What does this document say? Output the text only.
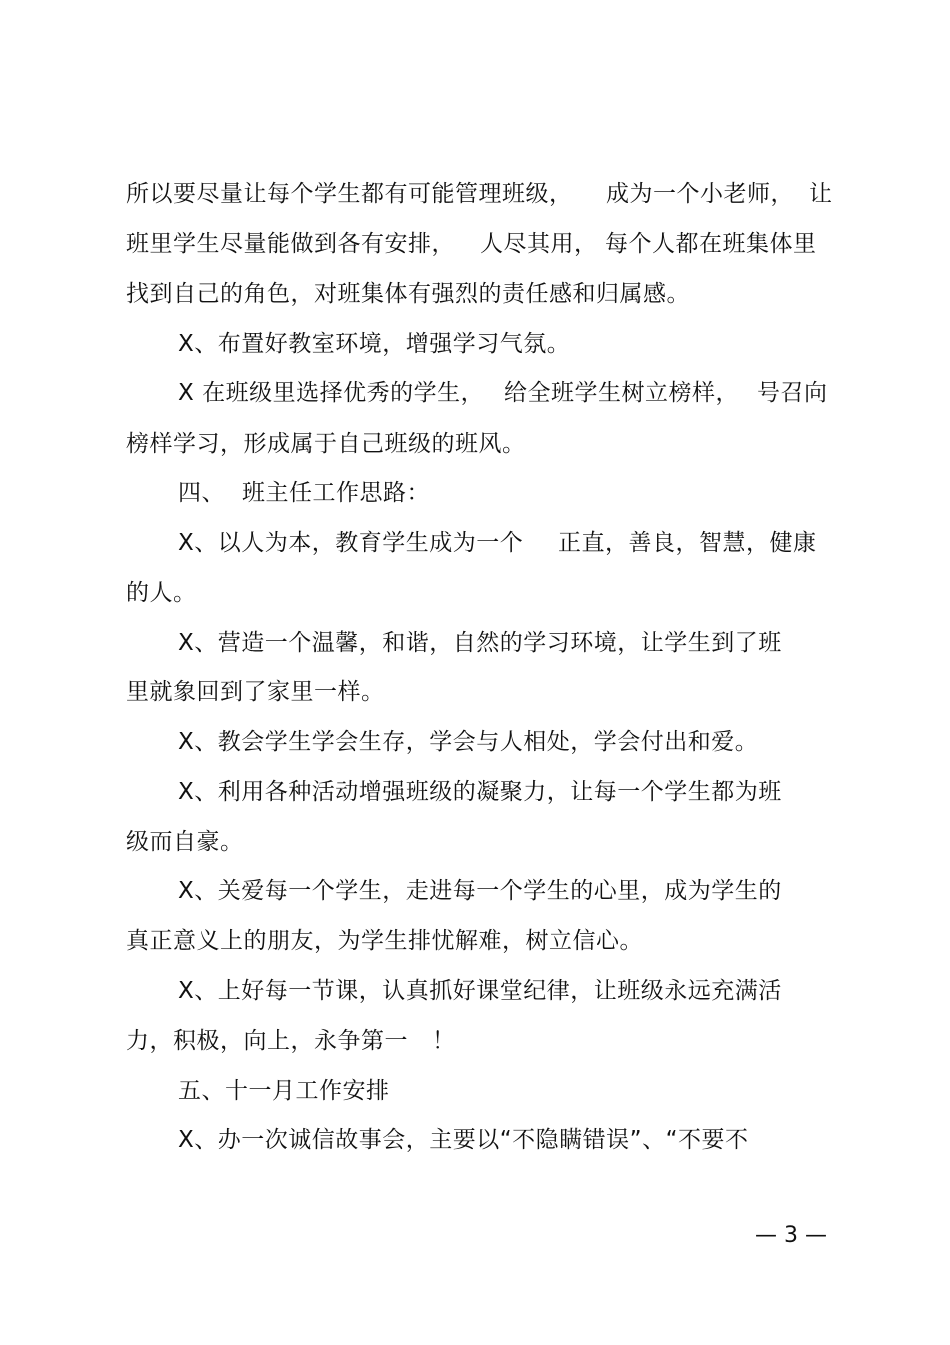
所以要尽量让每个学生都有可能管理班级，

成为一个小老师，

让

班里学生尽量能做到各有安排，

人尽其用，

每个人都在班集体里

找到自己的角色，对班集体有强烈的责任感和归属感。

X、布置好教室环境，增强学习气氛。

X 在班级里选择优秀的学生，

给全班学生树立榜样，

号召向

榜样学习，形成属于自己班级的班风。

四、

班主任工作思路：

X、以人为本，教育学生成为一个

正直，善良，智慧，健康

的人。

X、营造一个温馨，和谐，自然的学习环境，让学生到了班

里就象回到了家里一样。

X、教会学生学会生存，学会与人相处，学会付出和爱。

X、利用各种活动增强班级的凝聚力，让每一个学生都为班

级而自豪。

X、关爱每一个学生，走进每一个学生的心里，成为学生的

真正意义上的朋友，为学生排忧解难，树立信心。

X、上好每一节课，认真抓好课堂纪律，让班级永远充满活

力，积极，向上，永争第一

！

五、十一月工作安排

X、办一次诚信故事会，主要以“不隐瞒错误”、“不要不

— 3 —
